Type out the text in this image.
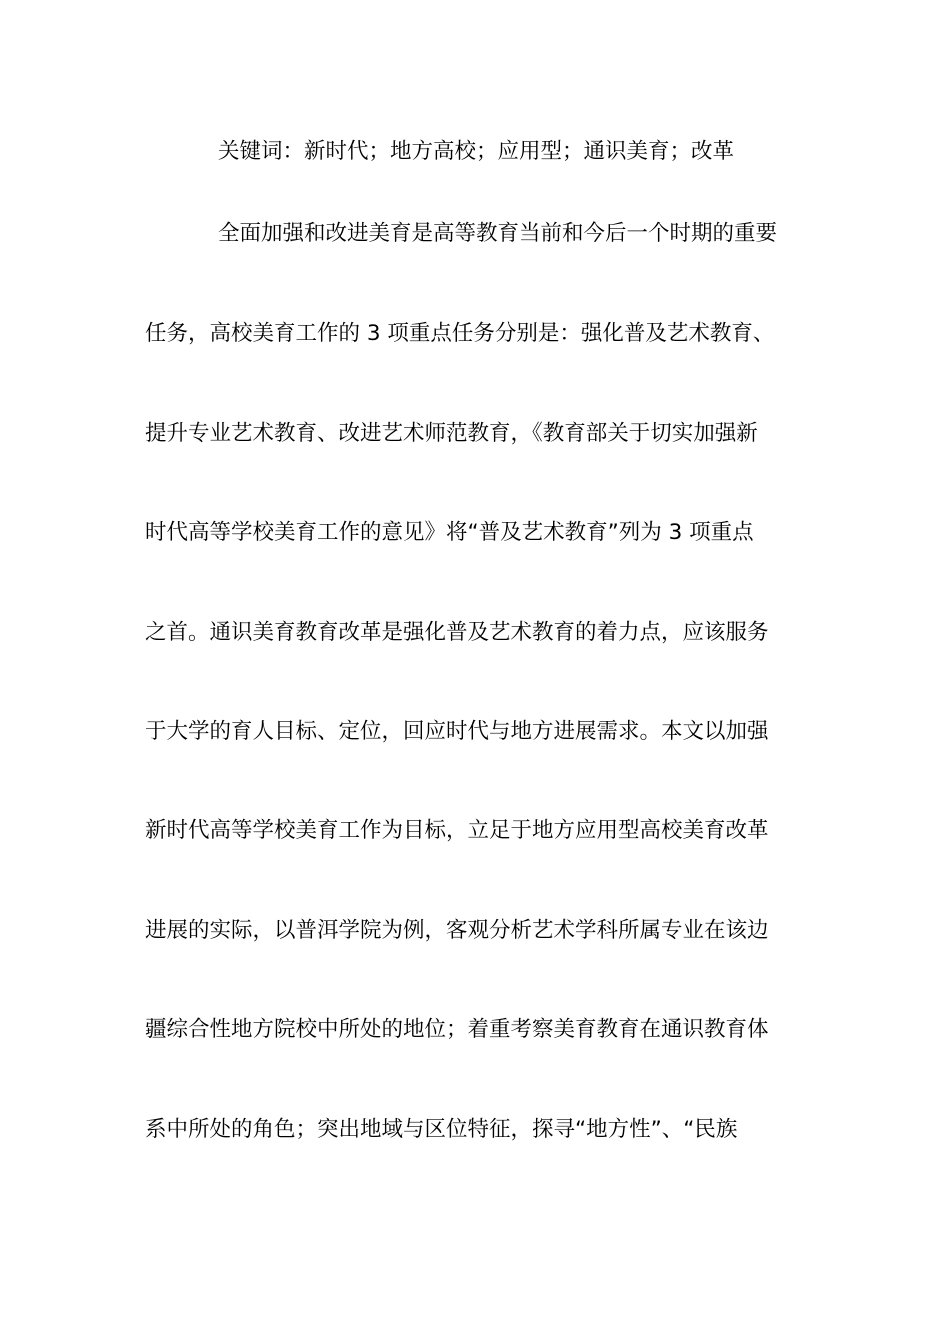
关键词：新时代；地方高校；应用型；通识美育；改革
全面加强和改进美育是高等教育当前和今后一个时期的重要
任务，高校美育工作的 3 项重点任务分别是：强化普及艺术教育、
提升专业艺术教育、改进艺术师范教育，《教育部关于切实加强新
时代高等学校美育工作的意见》将“普及艺术教育”列为 3 项重点
之首。通识美育教育改革是强化普及艺术教育的着力点，应该服务
于大学的育人目标、定位，回应时代与地方进展需求。本文以加强
新时代高等学校美育工作为目标，立足于地方应用型高校美育改革
进展的实际，以普洱学院为例，客观分析艺术学科所属专业在该边
疆综合性地方院校中所处的地位；着重考察美育教育在通识教育体
系中所处的角色；突出地域与区位特征，探寻“地方性”、“民族
